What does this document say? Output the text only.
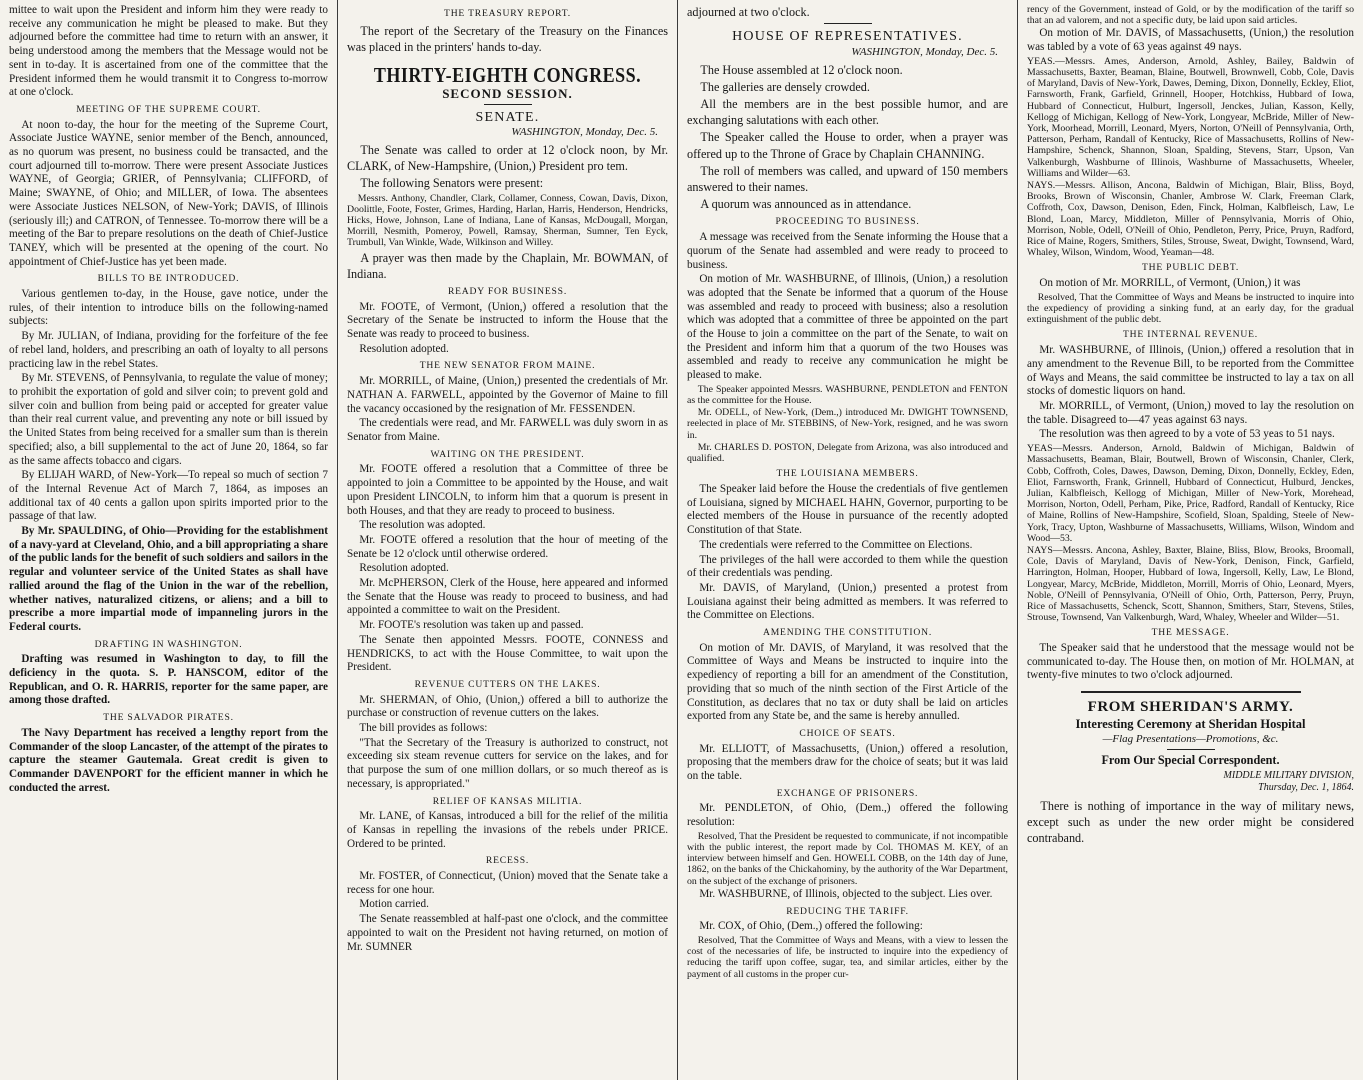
mittee to wait upon the President and inform him they were ready to receive any communication he might be pleased to make. But they adjourned before the committee had time to return with an answer, it being understood among the members that the Message would not be sent in to-day. It is ascertained from one of the committee that the President informed them he would transmit it to Congress to-morrow at one o'clock.

MEETING OF THE SUPREME COURT.

At noon to-day, the hour for the meeting of the Supreme Court, Associate Justice WAYNE, senior member of the Bench, announced, as no quorum was present, no business could be transacted, and the court adjourned till to-morrow. There were present Associate Justices WAYNE, of Georgia; GRIER, of Pennsylvania; CLIFFORD, of Maine; SWAYNE, of Ohio; and MILLER, of Iowa. The absentees were Associate Justices NELSON, of New-York; DAVIS, of Illinois (seriously ill;) and CATRON, of Tennessee. To-morrow there will be a meeting of the Bar to prepare resolutions on the death of Chief-Justice TANEY, which will be presented at the opening of the court. No appointment of Chief-Justice has yet been made.

BILLS TO BE INTRODUCED.

Various gentlemen to-day, in the House, gave notice, under the rules, of their intention to introduce bills on the following-named subjects:

By Mr. JULIAN, of Indiana, providing for the forfeiture of the fee of rebel land, holders, and prescribing an oath of loyalty to all persons practicing law in the rebel States.

By Mr. STEVENS, of Pennsylvania, to regulate the value of money; to prohibit the exportation of gold and silver coin; to prevent gold and silver coin and bullion from being paid or accepted for greater value than their real current value, and preventing any note or bill issued by the United States from being received for a smaller sum than is therein specified; also, a bill supplemental to the act of June 20, 1864, so far as the same affects tobacco and cigars.

By ELIJAH WARD, of New-York—To repeal so much of section 7 of the Internal Revenue Act of March 7, 1864, as imposes an additional tax of 40 cents a gallon upon spirits imported prior to the passage of that law.

By Mr. SPAULDING, of Ohio—Providing for the establishment of a navy-yard at Cleveland, Ohio, and a bill appropriating a share of the public lands for the benefit of such soldiers and sailors in the regular and volunteer service of the United States as shall have rallied around the flag of the Union in the war of the rebellion, whether natives, naturalized citizens, or aliens; and a bill to prescribe a more impartial mode of impanneling jurors in the Federal courts.

DRAFTING IN WASHINGTON.

Drafting was resumed in Washington to day, to fill the deficiency in the quota. S. P. HANSCOM, editor of the Republican, and O. R. HARRIS, reporter for the same paper, are among those drafted.

THE SALVADOR PIRATES.

The Navy Department has received a lengthy report from the Commander of the sloop Lancaster, of the attempt of the pirates to capture the steamer Gautemala. Great credit is given to Commander DAVENPORT for the efficient manner in which he conducted the arrest.

THE TREASURY REPORT.

The report of the Secretary of the Treasury on the Finances was placed in the printers' hands to-day.

THIRTY-EIGHTH CONGRESS.
SECOND SESSION.
SENATE.
WASHINGTON, Monday, Dec. 5.

The Senate was called to order at 12 o'clock noon, by Mr. CLARK, of New-Hampshire, (Union,) President pro tem.

The following Senators were present:

Messrs. Anthony, Chandler, Clark, Collamer, Conness, Cowan, Davis, Dixon, Doolittle, Foote, Foster, Grimes, Harding, Harlan, Harris, Henderson, Hendricks, Hicks, Howe, Johnson, Lane of Indiana, Lane of Kansas, McDougall, Morgan, Morrill, Nesmith, Pomeroy, Powell, Ramsay, Sherman, Sumner, Ten Eyck, Trumbull, Van Winkle, Wade, Wilkinson and Willey.

A prayer was then made by the Chaplain, Mr. BOWMAN, of Indiana.

READY FOR BUSINESS.

Mr. FOOTE, of Vermont, (Union,) offered a resolution that the Secretary of the Senate be instructed to inform the House that the Senate was ready to proceed to business.

Resolution adopted.

THE NEW SENATOR FROM MAINE.

Mr. MORRILL, of Maine, (Union,) presented the credentials of Mr. NATHAN A. FARWELL, appointed by the Governor of Maine to fill the vacancy occasioned by the resignation of Mr. FESSENDEN.

The credentials were read, and Mr. FARWELL was duly sworn in as Senator from Maine.

WAITING ON THE PRESIDENT.

Mr. FOOTE offered a resolution that a Committee of three be appointed to join a Committee to be appointed by the House, and wait upon President LINCOLN, to inform him that a quorum is present in both Houses, and that they are ready to proceed to business.

The resolution was adopted.

Mr. FOOTE offered a resolution that the hour of meeting of the Senate be 12 o'clock until otherwise ordered.

Resolution adopted.

Mr. McPHERSON, Clerk of the House, here appeared and informed the Senate that the House was ready to proceed to business, and had appointed a committee to wait on the President.

Mr. FOOTE's resolution was taken up and passed.

The Senate then appointed Messrs. FOOTE, CONNESS and HENDRICKS, to act with the House Committee, to wait upon the President.

REVENUE CUTTERS ON THE LAKES.

Mr. SHERMAN, of Ohio, (Union,) offered a bill to authorize the purchase or construction of revenue cutters on the lakes.

The bill provides as follows:

"That the Secretary of the Treasury is authorized to construct, not exceeding six steam revenue cutters for service on the lakes, and for that purpose the sum of one million dollars, or so much thereof as is necessary, is appropriated."

RELIEF OF KANSAS MILITIA.

Mr. LANE, of Kansas, introduced a bill for the relief of the militia of Kansas in repelling the invasions of the rebels under PRICE. Ordered to be printed.

RECESS.

Mr. FOSTER, of Connecticut, (Union) moved that the Senate take a recess for one hour.

Motion carried.

The Senate reassembled at half-past one o'clock, and the committee appointed to wait on the President not having returned, on motion of Mr. SUMNER

adjourned at two o'clock.

HOUSE OF REPRESENTATIVES.
WASHINGTON, Monday, Dec. 5.

The House assembled at 12 o'clock noon.

The galleries are densely crowded.

All the members are in the best possible humor, and are exchanging salutations with each other.

The Speaker called the House to order, when a prayer was offered up to the Throne of Grace by Chaplain CHANNING.

The roll of members was called, and upward of 150 members answered to their names.

A quorum was announced as in attendance.

PROCEEDING TO BUSINESS.

A message was received from the Senate informing the House that a quorum of the Senate had assembled and were ready to proceed to business.

On motion of Mr. WASHBURNE, of Illinois, (Union,) a resolution was adopted that the Senate be informed that a quorum of the House was assembled and ready to proceed with business; also a resolution which was adopted that a committee of three be appointed on the part of the House to join a committee on the part of the Senate, to wait on the President and inform him that a quorum of the two Houses was assembled and ready to receive any communication he might be pleased to make.

The Speaker appointed Messrs. WASHBURNE, PENDLETON and FENTON as the committee for the House.

Mr. ODELL, of New-York, (Dem.,) introduced Mr. DWIGHT TOWNSEND, reelected in place of Mr. STEBBINS, of New-York, resigned, and he was sworn in.

Mr. CHARLES D. POSTON, Delegate from Arizona, was also introduced and qualified.

THE LOUISIANA MEMBERS.

The Speaker laid before the House the credentials of five gentlemen of Louisiana, signed by MICHAEL HAHN, Governor, purporting to be elected members of the House in pursuance of the recently adopted Constitution of that State.

The credentials were referred to the Committee on Elections.

The privileges of the hall were accorded to them while the question of their credentials was pending.

Mr. DAVIS, of Maryland, (Union,) presented a protest from Louisiana against their being admitted as members. It was referred to the Committee on Elections.

AMENDING THE CONSTITUTION.

On motion of Mr. DAVIS, of Maryland, it was resolved that the Committee of Ways and Means be instructed to inquire into the expediency of reporting a bill for an amendment of the Constitution, providing that so much of the ninth section of the First Article of the Constitution, as declares that no tax or duty shall be laid on articles exported from any State be, and the same is hereby annulled.

CHOICE OF SEATS.

Mr. ELLIOTT, of Massachusetts, (Union,) offered a resolution, proposing that the members draw for the choice of seats; but it was laid on the table.

EXCHANGE OF PRISONERS.

Mr. PENDLETON, of Ohio, (Dem.,) offered the following resolution:

Resolved, That the President be requested to communicate, if not incompatible with the public interest, the report made by Col. THOMAS M. KEY, of an interview between himself and Gen. HOWELL COBB, on the 14th day of June, 1862, on the banks of the Chickahominy, by the authority of the War Department, on the subject of the exchange of prisoners.

Mr. WASHBURNE, of Illinois, objected to the subject. Lies over.

REDUCING THE TARIFF.

Mr. COX, of Ohio, (Dem.,) offered the following:

Resolved, That the Committee of Ways and Means, with a view to lessen the cost of the necessaries of life, be instructed to inquire into the expediency of reducing the tariff upon coffee, sugar, tea, and similar articles, either by the payment of all customs in the proper cur-

rency of the Government, instead of Gold, or by the modification of the tariff so that an ad valorem, and not a specific duty, be laid upon said articles.

On motion of Mr. DAVIS, of Massachusetts, (Union,) the resolution was tabled by a vote of 63 yeas against 49 nays.

YEAS.—Messrs. Ames, Anderson, Arnold, Ashley, Bailey, Baldwin of Massachusetts, Baxter, Beaman, Blaine, Boutwell, Brownwell, Cobb, Cole, Davis of Maryland, Davis of New-York, Dawes, Deming, Dixon, Donnelly, Eckley, Eliot, Farnsworth, Frank, Garfield, Grinnell, Hooper, Hotchkiss, Hubbard of Iowa, Hubbard of Connecticut, Hulburt, Ingersoll, Jenckes, Julian, Kasson, Kelly, Kellogg of Michigan, Kellogg of New-York, Longyear, McBride, Miller of New-York, Moorhead, Morrill, Leonard, Myers, Norton, O'Neill of Pennsylvania, Orth, Patterson, Perham, Randall of Kentucky, Rice of Massachusetts, Rollins of New-Hampshire, Schenck, Shannon, Sloan, Spalding, Stevens, Starr, Upson, Van Valkenburgh, Washburne of Illinois, Washburne of Massachusetts, Wheeler, Williams and Wilder—63.

NAYS.—Messrs. Allison, Ancona, Baldwin of Michigan, Blair, Bliss, Boyd, Brooks, Brown of Wisconsin, Chanler, Ambrose W. Clark, Freeman Clark, Coffroth, Cox, Dawson, Denison, Eden, Finck, Holman, Kalbfleisch, Law, Le Blond, Loan, Marcy, Middleton, Miller of Pennsylvania, Morris of Ohio, Morrison, Noble, Odell, O'Neill of Ohio, Pendleton, Perry, Price, Pruyn, Radford, Rice of Maine, Rogers, Smithers, Stiles, Strouse, Sweat, Dwight, Townsend, Ward, Whaley, Wilson, Windom, Wood, Yeaman—48.

THE PUBLIC DEBT.

On motion of Mr. MORRILL, of Vermont, (Union,) it was

Resolved, That the Committee of Ways and Means be instructed to inquire into the expediency of providing a sinking fund, at an early day, for the gradual extinguishment of the public debt.

THE INTERNAL REVENUE.

Mr. WASHBURNE, of Illinois, (Union,) offered a resolution that in any amendment to the Revenue Bill, to be reported from the Committee of Ways and Means, the said committee be instructed to lay a tax on all stocks of domestic liquors on hand.

Mr. MORRILL, of Vermont, (Union,) moved to lay the resolution on the table. Disagreed to—47 yeas against 63 nays.

The resolution was then agreed to by a vote of 53 yeas to 51 nays.

YEAS—Messrs. Anderson, Arnold, Baldwin of Michigan, Baldwin of Massachusetts, Beaman, Blair, Boutwell, Brown of Wisconsin, Chanler, Clerk, Cobb, Coffroth, Coles, Dawes, Dawson, Deming, Dixon, Donnelly, Eckley, Eden, Eliot, Farnsworth, Frank, Grinnell, Hubbard of Connecticut, Hulburd, Jenckes, Julian, Kalbfleisch, Kellogg of Michigan, Miller of New-York, Morehead, Morrison, Norton, Odell, Perham, Pike, Price, Radford, Randall of Kentucky, Rice of Maine, Rollins of New-Hampshire, Scofield, Sloan, Spalding, Steele of New-York, Tracy, Upton, Washburne of Massachusetts, Williams, Wilson, Windom and Wood—53.

NAYS—Messrs. Ancona, Ashley, Baxter, Blaine, Bliss, Blow, Brooks, Broomall, Cole, Davis of Maryland, Davis of New-York, Denison, Finck, Garfield, Harrington, Holman, Hooper, Hubbard of Iowa, Ingersoll, Kelly, Law, Le Blond, Longyear, Marcy, McBride, Middleton, Morrill, Morris of Ohio, Leonard, Myers, Noble, O'Neill of Pennsylvania, O'Neill of Ohio, Orth, Patterson, Perry, Pruyn, Rice of Massachusetts, Schenck, Scott, Shannon, Smithers, Starr, Stevens, Stiles, Strouse, Townsend, Van Valkenburgh, Ward, Whaley, Wheeler and Wilder—51.

THE MESSAGE.

The Speaker said that he understood that the message would not be communicated to-day. The House then, on motion of Mr. HOLMAN, at twenty-five minutes to two o'clock adjourned.

FROM SHERIDAN'S ARMY.

Interesting Ceremony at Sheridan Hospital

—Flag Presentations—Promotions, &c.

From Our Special Correspondent.

MIDDLE MILITARY DIVISION,
Thursday, Dec. 1, 1864.

There is nothing of importance in the way of military news, except such as under the new order might be considered contraband.
